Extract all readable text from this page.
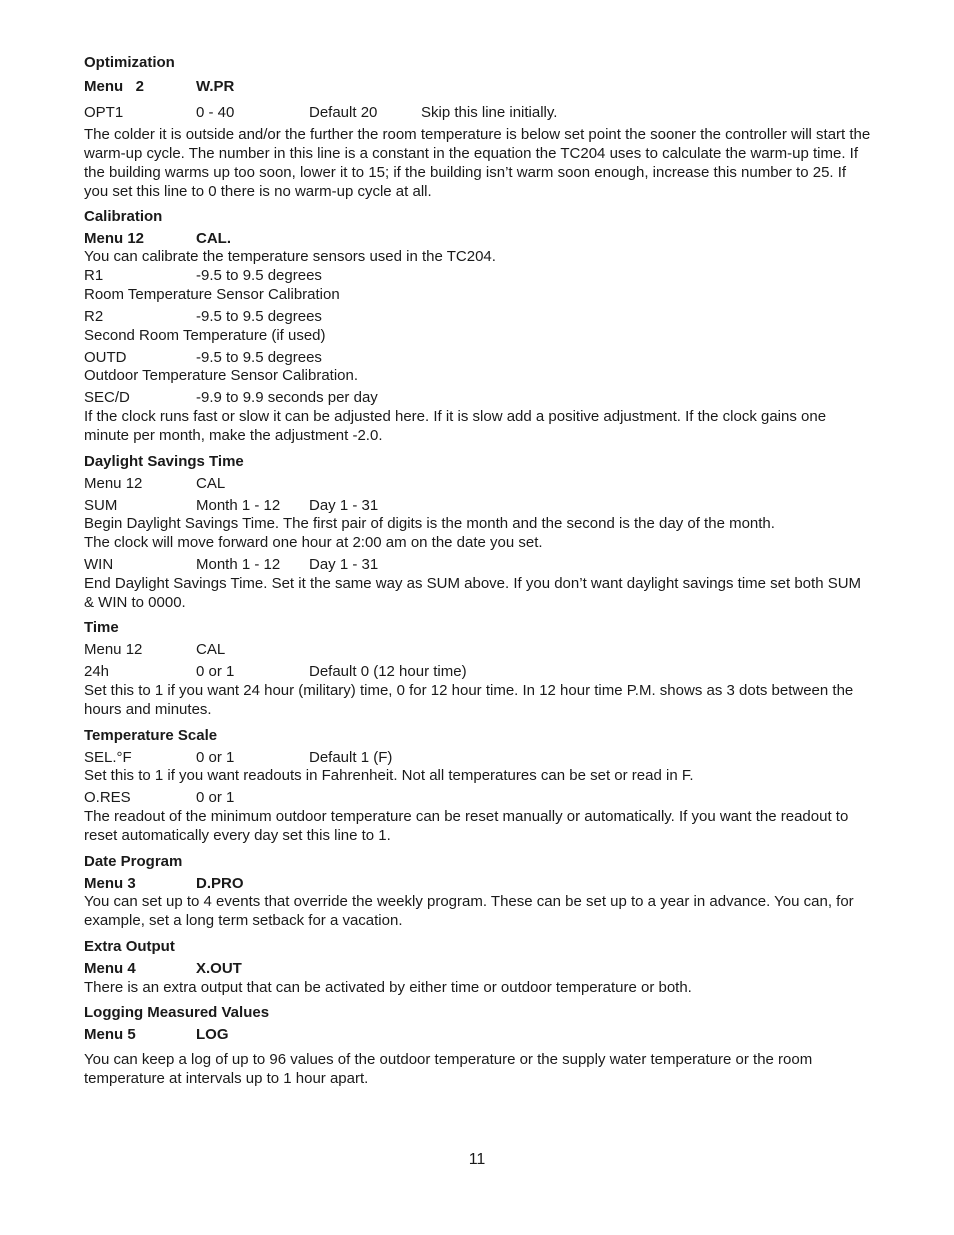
Optimization
Menu   2	W.PR
OPT1	0 - 40	Default 20	Skip this line initially.
The colder it is outside and/or the further the room temperature is below set point the sooner the controller will start the warm-up cycle. The number in this line is a constant in the equation the TC204 uses to calculate the warm-up time. If the building warms up too soon, lower it to 15; if the building isn’t warm soon enough, increase this number to 25. If you set this line to 0 there is no warm-up cycle at all.
Calibration
Menu 12	CAL.
You can calibrate the temperature sensors used in the TC204.
R1	-9.5 to 9.5 degrees
Room Temperature Sensor Calibration
R2	-9.5 to 9.5 degrees
Second Room Temperature (if used)
OUTD	-9.5 to 9.5 degrees
Outdoor Temperature Sensor Calibration.
SEC/D	-9.9 to 9.9 seconds per day
If the clock runs fast or slow it can be adjusted here. If it is slow add a positive adjustment. If the clock gains one minute per month, make the adjustment -2.0.
Daylight Savings Time
Menu 12	CAL
SUM	Month 1 - 12 Day 1 - 31
Begin Daylight Savings Time. The first pair of digits is the month and the second is the day of the month.
The clock will move forward one hour at 2:00 am on the date you set.
WIN	Month 1 - 12 Day 1 - 31
End Daylight Savings Time. Set it the same way as SUM above. If you don’t want daylight savings time set both SUM & WIN to 0000.
Time
Menu 12	CAL
24h	0 or 1	Default 0 (12 hour time)
Set this to 1 if you want 24 hour (military) time, 0 for 12 hour time. In 12 hour time P.M. shows as 3 dots between the hours and minutes.
Temperature Scale
SEL.°F	0 or 1	Default 1 (F)
Set this to 1 if you want readouts in Fahrenheit. Not all temperatures can be set or read in F.
O.RES	0 or 1
The readout of the minimum outdoor temperature can be reset manually or automatically. If you want the readout to reset automatically every day set this line to 1.
Date Program
Menu 3	D.PRO
You can set up to 4 events that override the weekly program. These can be set up to a year in advance. You can, for example, set a long term setback for a vacation.
Extra Output
Menu 4	X.OUT
There is an extra output that can be activated by either time or outdoor temperature or both.
Logging Measured Values
Menu 5	LOG
You can keep a log of up to 96 values of the outdoor temperature or the supply water temperature or the room temperature at intervals up to 1 hour apart.
11
